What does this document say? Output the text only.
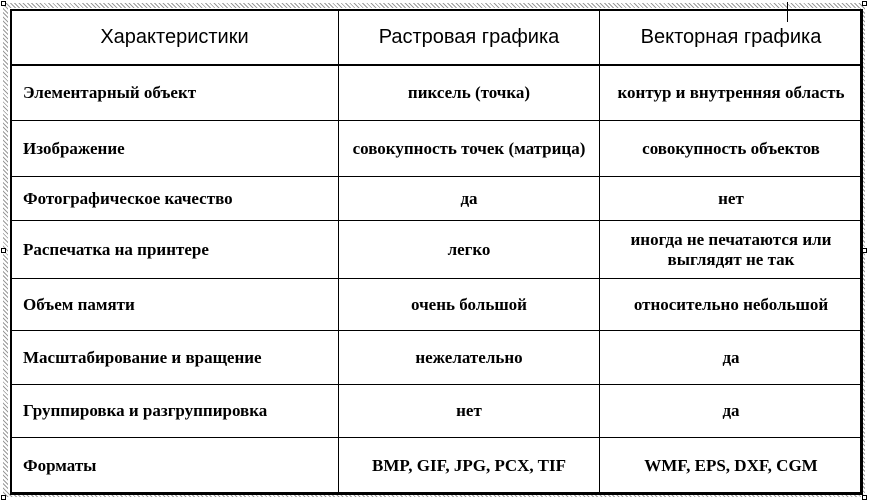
Характеристики	Растровая графика	Векторная графика
Элементарный объект	пиксель (точка)	контур и внутренняя область
Изображение	совокупность точек (матрица)	совокупность объектов
Фотографическое качество	да	нет
Распечатка на принтере	легко	иногда не печатаются или выглядят не так
Объем памяти	очень большой	относительно небольшой
Масштабирование и вращение	нежелательно	да
Группировка и разгруппировка	нет	да
Форматы	BMP, GIF, JPG, PCX, TIF	WMF, EPS, DXF, CGM
